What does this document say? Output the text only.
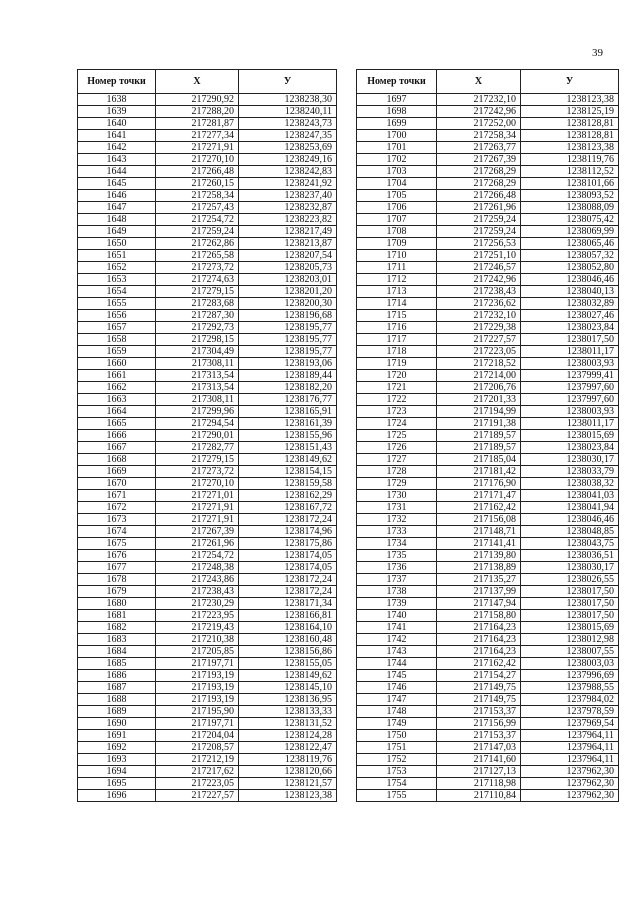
39
Номер точки	X	У
1638	217290,92	1238238,30
1639	217288,20	1238240,11
1640	217281,87	1238243,73
1641	217277,34	1238247,35
1642	217271,91	1238253,69
1643	217270,10	1238249,16
1644	217266,48	1238242,83
1645	217260,15	1238241,92
1646	217258,34	1238237,40
1647	217257,43	1238232,87
1648	217254,72	1238223,82
1649	217259,24	1238217,49
1650	217262,86	1238213,87
1651	217265,58	1238207,54
1652	217273,72	1238205,73
1653	217274,63	1238203,01
1654	217279,15	1238201,20
1655	217283,68	1238200,30
1656	217287,30	1238196,68
1657	217292,73	1238195,77
1658	217298,15	1238195,77
1659	217304,49	1238195,77
1660	217308,11	1238193,06
1661	217313,54	1238189,44
1662	217313,54	1238182,20
1663	217308,11	1238176,77
1664	217299,96	1238165,91
1665	217294,54	1238161,39
1666	217290,01	1238155,96
1667	217282,77	1238151,43
1668	217279,15	1238149,62
1669	217273,72	1238154,15
1670	217270,10	1238159,58
1671	217271,01	1238162,29
1672	217271,91	1238167,72
1673	217271,91	1238172,24
1674	217267,39	1238174,96
1675	217261,96	1238175,86
1676	217254,72	1238174,05
1677	217248,38	1238174,05
1678	217243,86	1238172,24
1679	217238,43	1238172,24
1680	217230,29	1238171,34
1681	217223,95	1238166,81
1682	217219,43	1238164,10
1683	217210,38	1238160,48
1684	217205,85	1238156,86
1685	217197,71	1238155,05
1686	217193,19	1238149,62
1687	217193,19	1238145,10
1688	217193,19	1238136,95
1689	217195,90	1238133,33
1690	217197,71	1238131,52
1691	217204,04	1238124,28
1692	217208,57	1238122,47
1693	217212,19	1238119,76
1694	217217,62	1238120,66
1695	217223,05	1238121,57
1696	217227,57	1238123,38
Номер точки	X	У
1697	217232,10	1238123,38
1698	217242,96	1238125,19
1699	217252,00	1238128,81
1700	217258,34	1238128,81
1701	217263,77	1238123,38
1702	217267,39	1238119,76
1703	217268,29	1238112,52
1704	217268,29	1238101,66
1705	217266,48	1238093,52
1706	217261,96	1238088,09
1707	217259,24	1238075,42
1708	217259,24	1238069,99
1709	217256,53	1238065,46
1710	217251,10	1238057,32
1711	217246,57	1238052,80
1712	217242,96	1238046,46
1713	217238,43	1238040,13
1714	217236,62	1238032,89
1715	217232,10	1238027,46
1716	217229,38	1238023,84
1717	217227,57	1238017,50
1718	217223,05	1238011,17
1719	217218,52	1238003,93
1720	217214,00	1237999,41
1721	217206,76	1237997,60
1722	217201,33	1237997,60
1723	217194,99	1238003,93
1724	217191,38	1238011,17
1725	217189,57	1238015,69
1726	217189,57	1238023,84
1727	217185,04	1238030,17
1728	217181,42	1238033,79
1729	217176,90	1238038,32
1730	217171,47	1238041,03
1731	217162,42	1238041,94
1732	217156,08	1238046,46
1733	217148,71	1238048,85
1734	217141,41	1238043,75
1735	217139,80	1238036,51
1736	217138,89	1238030,17
1737	217135,27	1238026,55
1738	217137,99	1238017,50
1739	217147,94	1238017,50
1740	217158,80	1238017,50
1741	217164,23	1238015,69
1742	217164,23	1238012,98
1743	217164,23	1238007,55
1744	217162,42	1238003,03
1745	217154,27	1237996,69
1746	217149,75	1237988,55
1747	217149,75	1237984,02
1748	217153,37	1237978,59
1749	217156,99	1237969,54
1750	217153,37	1237964,11
1751	217147,03	1237964,11
1752	217141,60	1237964,11
1753	217127,13	1237962,30
1754	217118,98	1237962,30
1755	217110,84	1237962,30
